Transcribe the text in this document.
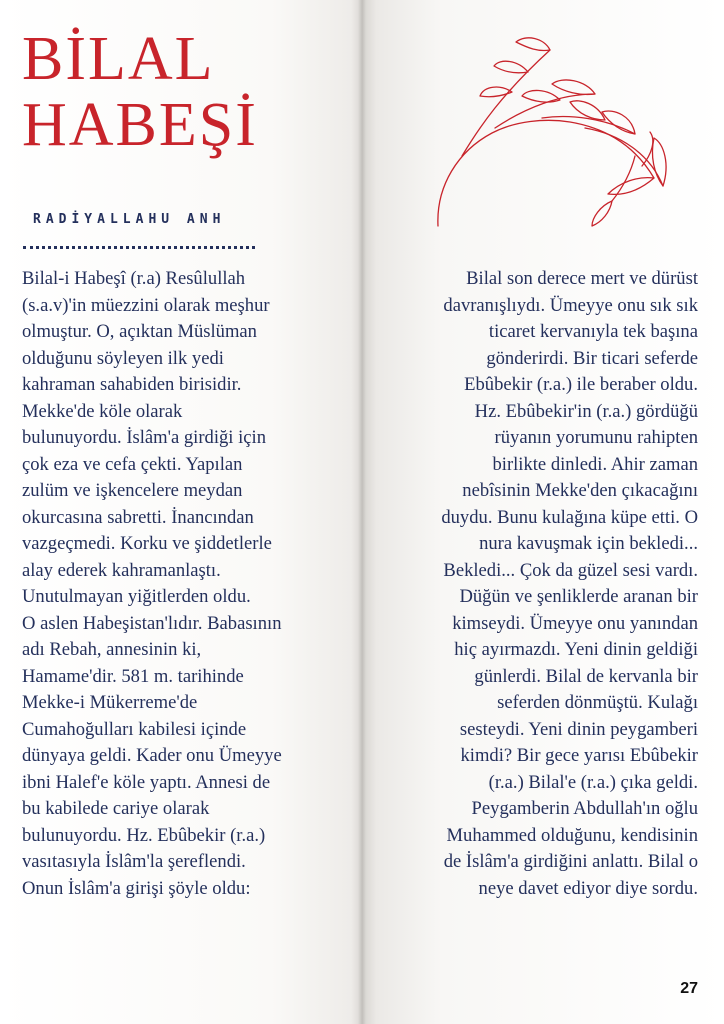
BİLAL
HABEŞİ

RADİYALLAHU ANH

Bilal-i Habeşî (r.a) Resûlullah
(s.a.v)'in müezzini olarak meşhur
olmuştur. O, açıktan Müslüman
olduğunu söyleyen ilk yedi
kahraman sahabiden birisidir.
Mekke'de köle olarak
bulunuyordu. İslâm'a girdiği için
çok eza ve cefa çekti. Yapılan
zulüm ve işkencelere meydan
okurcasına sabretti. İnancından
vazgeçmedi. Korku ve şiddetlerle
alay ederek kahramanlaştı.
Unutulmayan yiğitlerden oldu.
O aslen Habeşistan'lıdır. Babasının
adı Rebah, annesinin ki,
Hamame'dir. 581 m. tarihinde
Mekke-i Mükerreme'de
Cumahoğulları kabilesi içinde
dünyaya geldi. Kader onu Ümeyye
ibni Halef'e köle yaptı. Annesi de
bu kabilede cariye olarak
bulunuyordu. Hz. Ebûbekir (r.a.)
vasıtasıyla İslâm'la şereflendi.
Onun İslâm'a girişi şöyle oldu:
Bilal son derece mert ve dürüst
davranışlıydı. Ümeyye onu sık sık
ticaret kervanıyla tek başına
gönderirdi. Bir ticari seferde
Ebûbekir (r.a.) ile beraber oldu.
Hz. Ebûbekir'in (r.a.) gördüğü
rüyanın yorumunu rahipten
birlikte dinledi. Ahir zaman
nebîsinin Mekke'den çıkacağını
duydu. Bunu kulağına küpe etti. O
nura kavuşmak için bekledi...
Bekledi... Çok da güzel sesi vardı.
Düğün ve şenliklerde aranan bir
kimseydi. Ümeyye onu yanından
hiç ayırmazdı. Yeni dinin geldiği
günlerdi. Bilal de kervanla bir
seferden dönmüştü. Kulağı
sesteydi. Yeni dinin peygamberi
kimdi? Bir gece yarısı Ebûbekir
(r.a.) Bilal'e (r.a.) çıka geldi.
Peygamberin Abdullah'ın oğlu
Muhammed olduğunu, kendisinin
de İslâm'a girdiğini anlattı. Bilal o
neye davet ediyor diye sordu.
27
